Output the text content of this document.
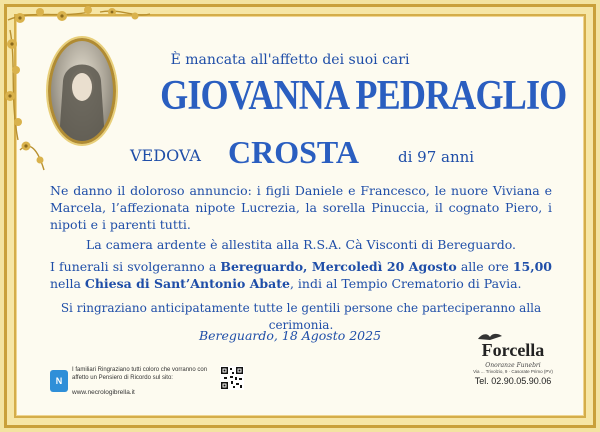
È mancata all'affetto dei suoi cari
GIOVANNA PEDRAGLIO
VEDOVA CROSTA	di 97 anni
Ne danno il doloroso annuncio: i figli Daniele e Francesco, le nuore Viviana e Marcela, l’affezionata nipote Lucrezia, la sorella Pinuccia, il cognato Piero, i nipoti e i parenti tutti.
La camera ardente è allestita alla R.S.A. Cà Visconti di Bereguardo.
I funerali si svolgeranno a Bereguardo, Mercoledì 20 Agosto alle ore 15,00 nella Chiesa di Sant’Antonio Abate, indi al Tempio Crematorio di Pavia.
Si ringraziano anticipatamente tutte le gentili persone che parteciperanno alla cerimonia.
Bereguardo, 18 Agosto 2025
N
I familiari Ringraziano tutti coloro che vorranno con affetto un Pensiero di Ricordo sul sito:
www.necrologibrella.it
Forcella
Onoranze Funebri
Via ... Trivolzio, 9 · Casorate Primo (PV)
Tel. 02.90.05.90.06
